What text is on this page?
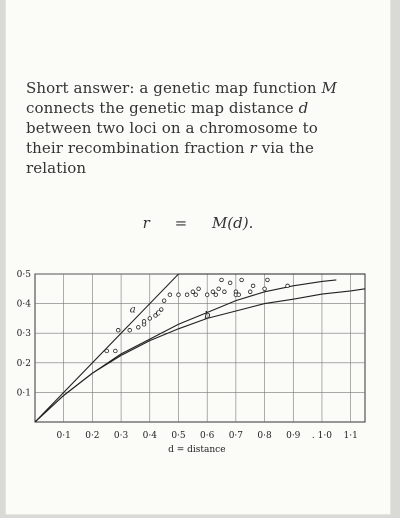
Short answer: a genetic map function M connects the genetic map distance d between two loci on a chromosome to their recombination fraction r via the relation
r = M(d).
0·1 0·2 0·3 0·4 0·5 0·6 0·7 0·8 0·9 . 1·0 1·1
0·1
0·2
0·3
0·4
0·5
d = distance
a c	b
